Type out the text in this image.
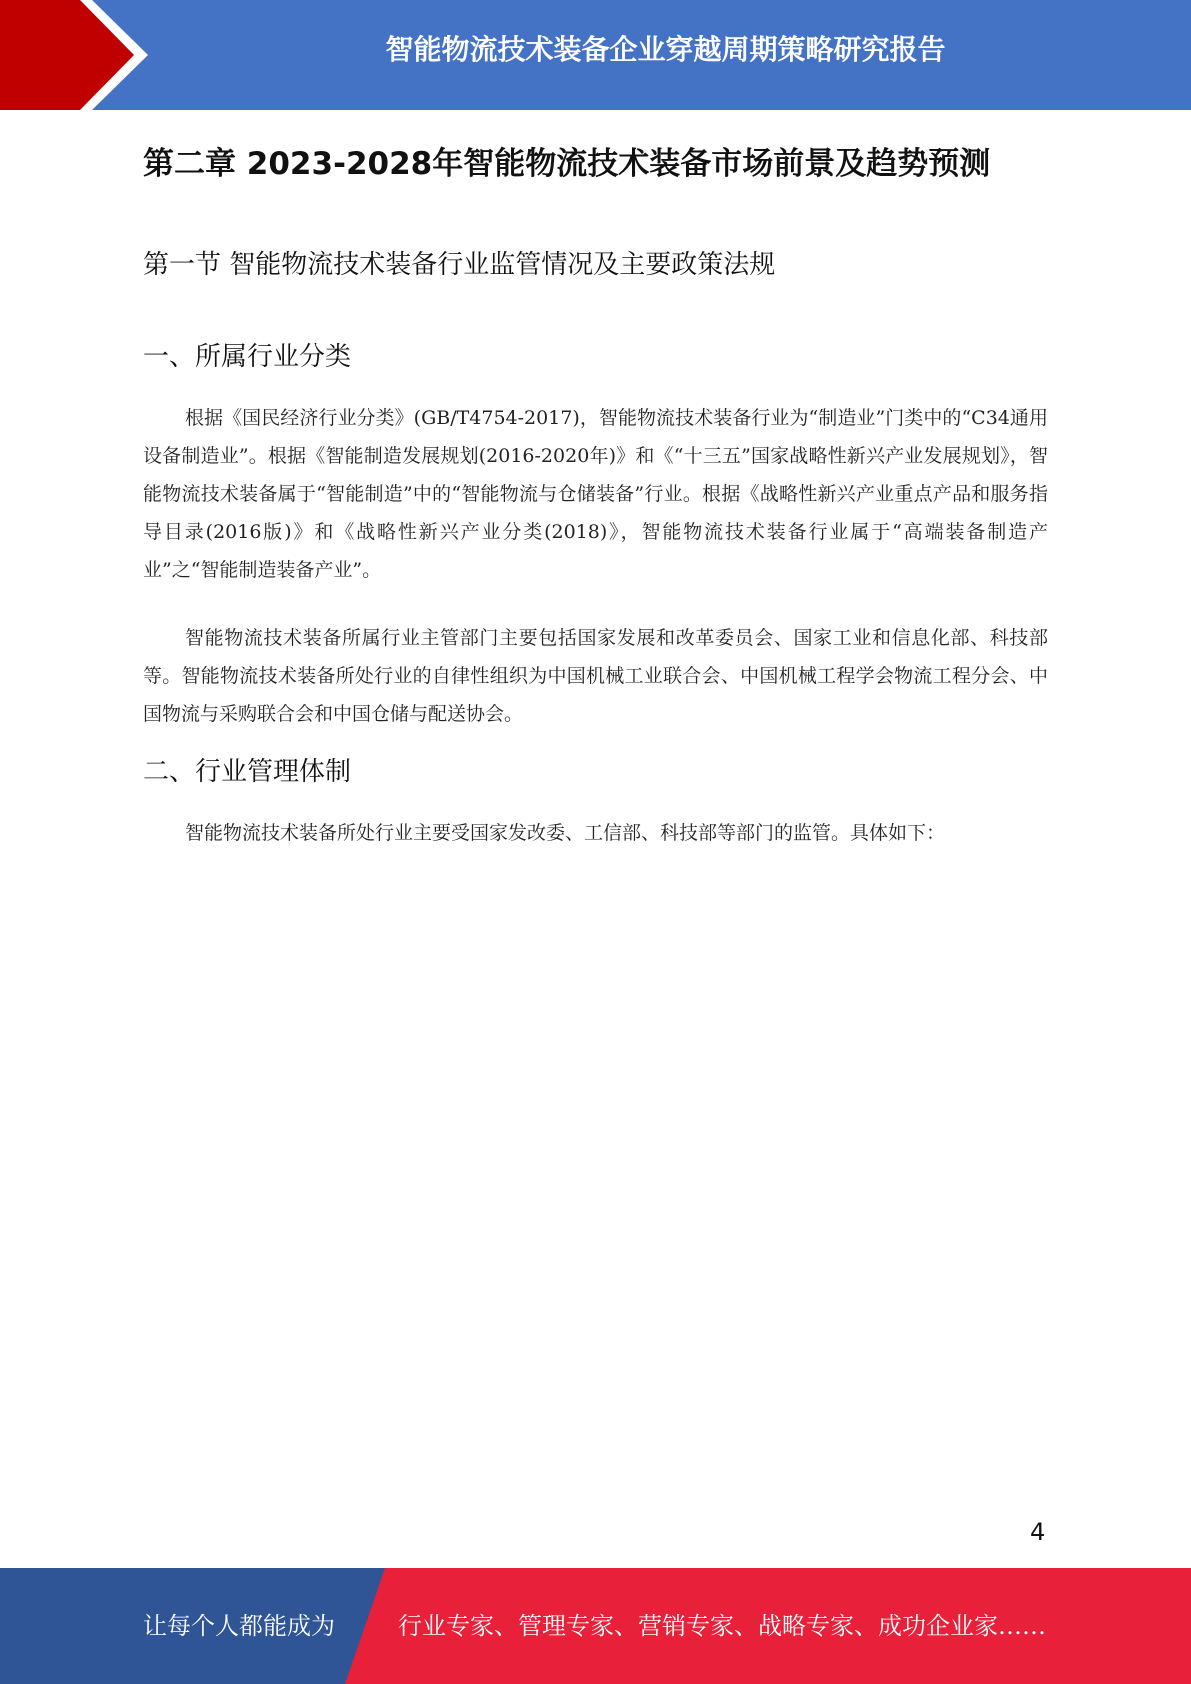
智能物流技术装备企业穿越周期策略研究报告
第二章 2023-2028年智能物流技术装备市场前景及趋势预测
第一节 智能物流技术装备行业监管情况及主要政策法规
一、所属行业分类

根据《国民经济行业分类》(GB/T4754-2017)，智能物流技术装备行业为“制造业”门类中的“C34通用设备制造业”。根据《智能制造发展规划(2016-2020年)》和《“十三五”国家战略性新兴产业发展规划》，智能物流技术装备属于“智能制造”中的“智能物流与仓储装备”行业。根据《战略性新兴产业重点产品和服务指导目录(2016版)》和《战略性新兴产业分类(2018)》，智能物流技术装备行业属于“高端装备制造产业”之“智能制造装备产业”。

智能物流技术装备所属行业主管部门主要包括国家发展和改革委员会、国家工业和信息化部、科技部等。智能物流技术装备所处行业的自律性组织为中国机械工业联合会、中国机械工程学会物流工程分会、中国物流与采购联合会和中国仓储与配送协会。

二、行业管理体制

智能物流技术装备所处行业主要受国家发改委、工信部、科技部等部门的监管。具体如下：

4
让每个人都能成为	行业专家、管理专家、营销专家、战略专家、成功企业家……
